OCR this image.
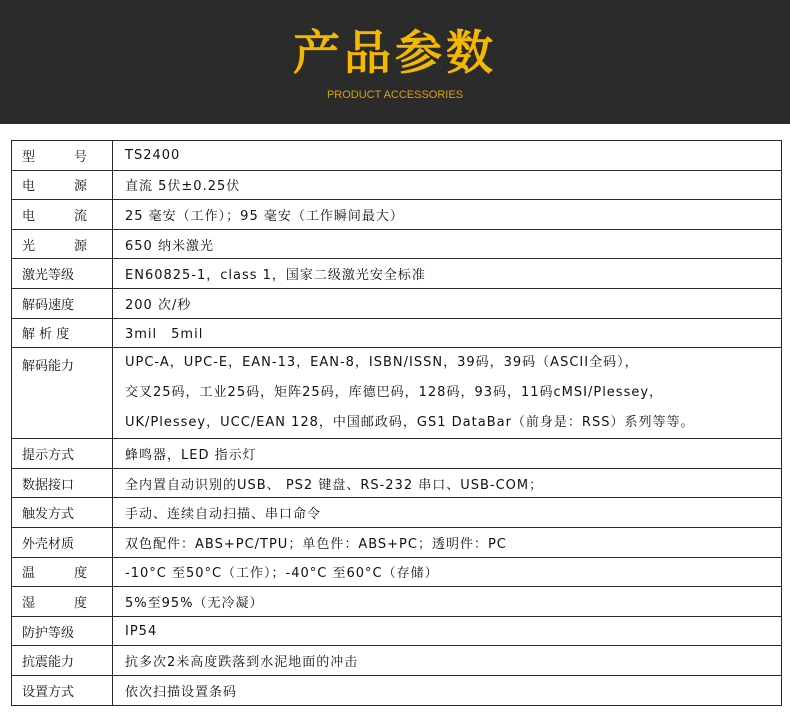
产品参数
PRODUCT ACCESSORIES
型　　　号	TS2400
电　　　源	直流 5伏±0.25伏
电　　　流	25 毫安（工作）；95 毫安（工作瞬间最大）
光　　　源	650 纳米激光
激光等级	EN60825-1，class 1，国家二级激光安全标准
解码速度	200 次/秒
解 析 度	3mil　5mil
解码能力	UPC-A，UPC-E，EAN-13，EAN-8，ISBN/ISSN，39码，39码（ASCII全码），
交叉25码，工业25码，矩阵25码，库德巴码，128码，93码，11码cMSI/Plessey，
UK/Plessey，UCC/EAN 128，中国邮政码，GS1 DataBar（前身是：RSS）系列等等。

提示方式	蜂鸣器，LED 指示灯
数据接口	全内置自动识别的USB、 PS2 键盘、RS-232 串口、USB-COM；
触发方式	手动、连续自动扫描、串口命令
外壳材质	双色配件：ABS+PC/TPU；单色件：ABS+PC；透明件：PC
温　　　度	-10°C 至50°C（工作）；-40°C 至60°C（存储）
湿　　　度	5%至95%（无冷凝）
防护等级	IP54
抗震能力	抗多次2米高度跌落到水泥地面的冲击
设置方式	依次扫描设置条码
